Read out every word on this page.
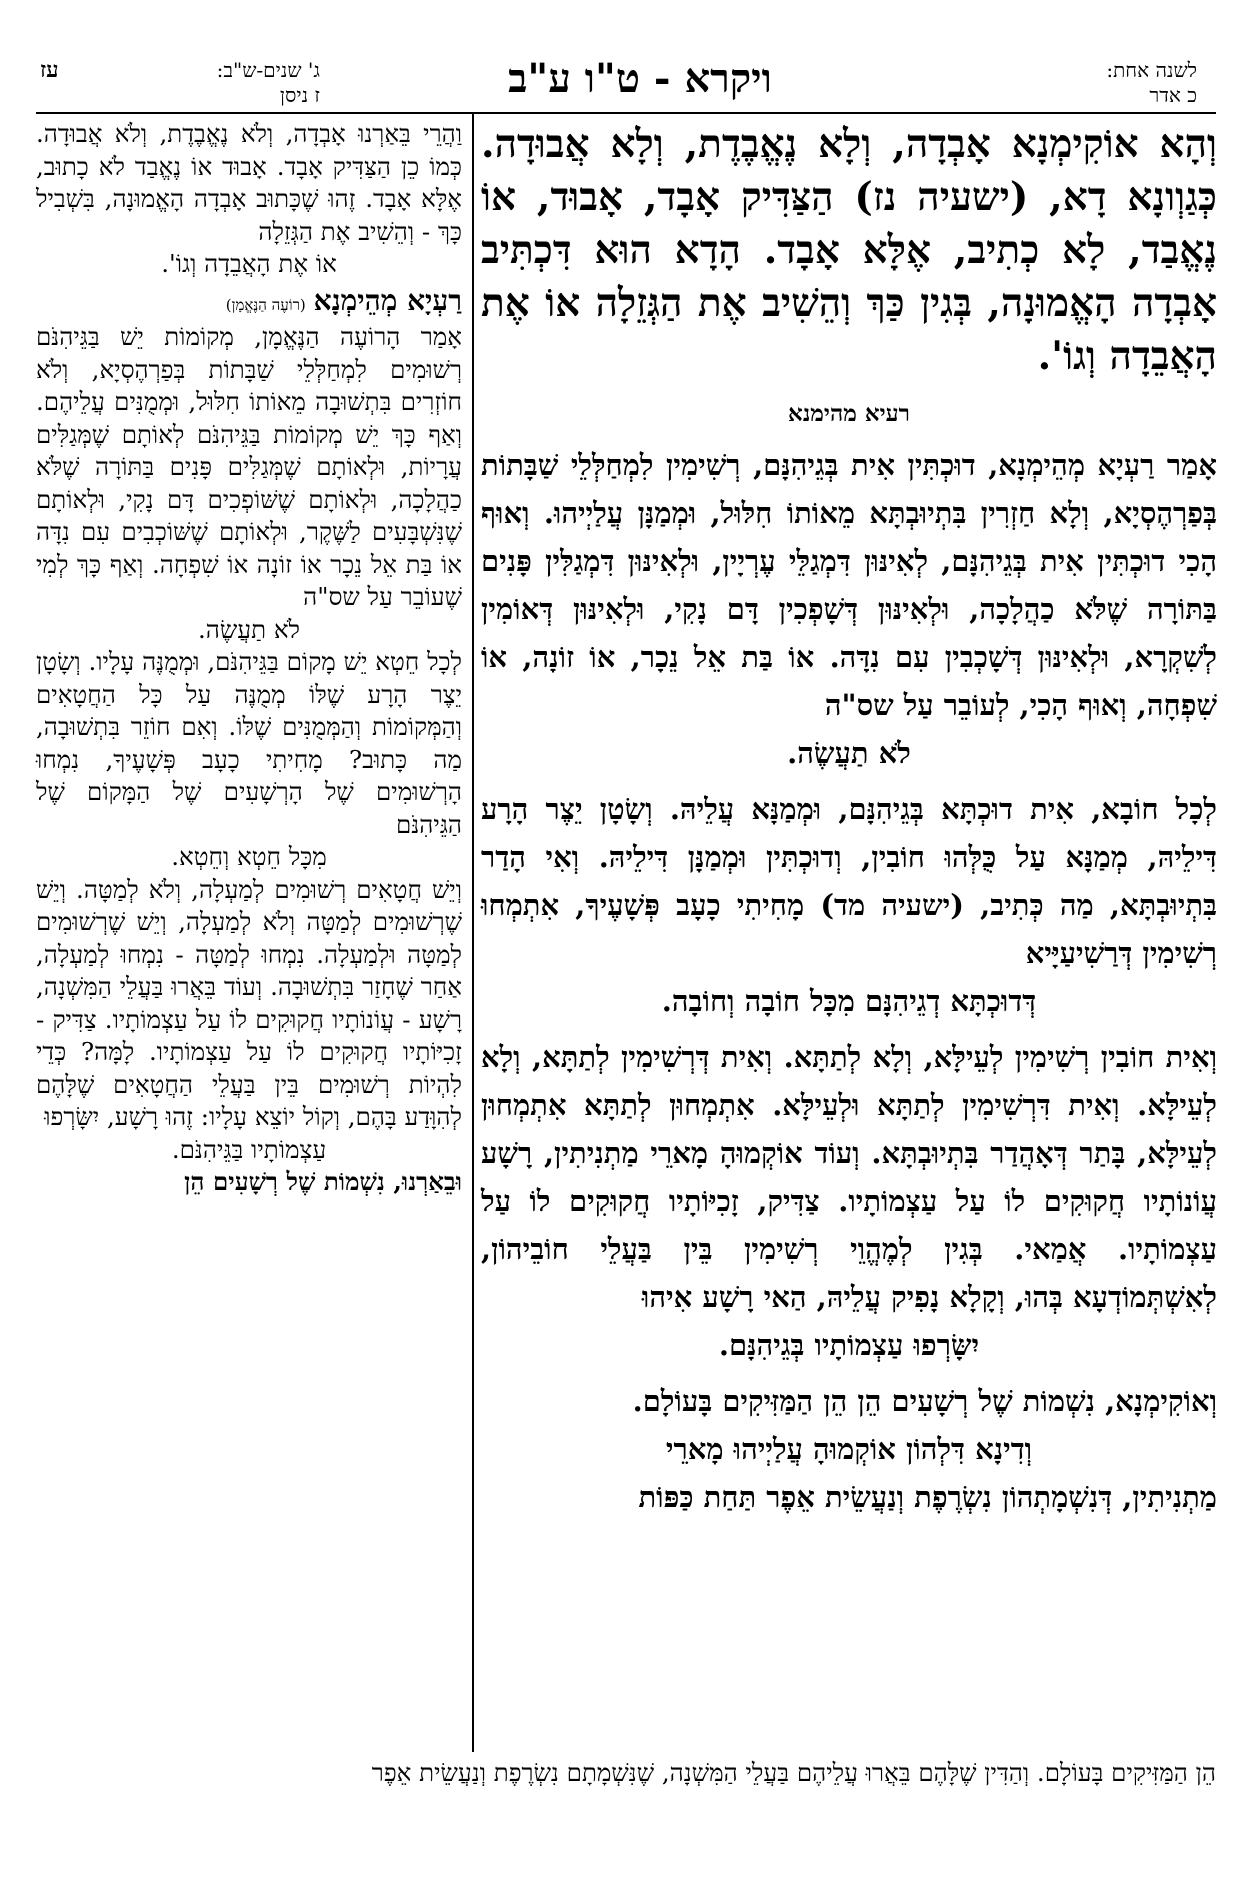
לשנה אחת:
כ אדר
ויקרא - ט"ו ע"ב
ג' שנים-ש"ב:
ז ניסן
עז

וְהָא אוֹקִימְנָא אָבְדָה, וְלָא נֶאֱבֶדֶת, וְלָא אֲבוּדָה. כְּגַוְונָא דָא, (ישעיה נז) הַצַּדִּיק אָבָד, אָבוּד, אוֹ נֶאֱבַד, לָא כְתִיב, אֶלָּא אָבָד. הָדָא הוּא דִּכְתִּיב אָבְדָה הָאֱמוּנָה, בְּגִין כַּךְ וְהֵשִׁיב אֶת הַגְּזֵלָה אוֹ אֶת הָאֲבֵדָה וְגוֹ'.

רעיא מהימנא

אָמַר רַעְיָא מְהֵימְנָא, דוּכְתִּין אִית בְּגֵיהִנָּם, רְשִׁימִין לִמְחַלְּלֵי שַׁבָּתוֹת בְּפַרְהֶסְיָא, וְלָא חַזְרִין בִּתְיוּבְתָּא מֵאוֹתוֹ חִלּוּל, וּמְמַנָּן עֲלַיְיהוּ. וְאוּף הָכִי דוּכְתִּין אִית בְּגֵיהִנָּם, לְאִינּוּן דִּמְגַלֵּי עֶרְיָין, וּלְאִינּוּן דִּמְגַלִּין פָּנִים בַּתּוֹרָה שֶׁלֹּא כַהֲלָכָה, וּלְאִינּוּן דְּשָׁפְכִין דָּם נָקִי, וּלְאִינּוּן דְּאוֹמִין לְשִׁקְרָא, וּלְאִינּוּן דְּשָׁכְבִין עִם נִדָּה. אוֹ בַּת אֵל נֵכָר, אוֹ זוֹנָה, אוֹ שִׁפְחָה, וְאוּף הָכִי, לְעוֹבֵר עַל שס"ה

לֹא תַעֲשֶׂה.

לְכָל חוֹבָא, אִית דוּכְתָּא בְּגֵיהִנָּם, וּמְמַנָּא עֲלֵיהּ. וְשָׂטָן יֵצֶר הָרָע דִּילֵיהּ, מְמַנָּא עַל כֻּלְּהוּ חוֹבִין, וְדוּכְתִּין וּמְמַנָּן דִּילֵיהּ. וְאִי הָדַר בִּתְיוּבְתָּא, מַה כְּתִיב, (ישעיה מד) מָחִיתִי כָעָב פְּשָׁעֶיךָ, אִתְמְחוּ רְשִׁימִין דְּרַשִׁיעַיָּיא

דְּדוּכְתָּא דְגֵיהִנָּם מִכָּל חוֹבָה וְחוֹבָה.

וְאִית חוֹבִין רְשִׁימִין לְעֵילָּא, וְלָא לְתַתָּא. וְאִית דְּרְשִׁימִין לְתַתָּא, וְלָא לְעֵילָּא. וְאִית דִּרְשִׁימִין לְתַתָּא וּלְעֵילָּא. אִתְמְחוּן לְתַתָּא אִתְמְחוּן לְעֵילָּא, בָּתַר דְּאָהֲדַר בִּתְיוּבְתָּא. וְעוֹד אוֹקְמוּהָ מָארֵי מַתְנִיתִין, רָשָׁע עֲוֹנוֹתָיו חֲקוּקִים לוֹ עַל עַצְמוֹתָיו. צַדִּיק, זָכִיּוֹתָיו חֲקוּקִים לוֹ עַל עַצְמוֹתָיו. אֲמַאי. בְּגִין לְמֶהֱוֵי רְשִׁימִין בֵּין בַּעֲלֵי חוֹבֵיהוֹן, לְאִשְׁתְּמוֹדְעָא בְּהוּ, וְקָלָא נָפִיק עֲלֵיהּ, הַאי רָשָׁע אִיהוּ

יִשָּׂרְפוּ עַצְמוֹתָיו בְּגֵיהִנָּם.

וְאוֹקִימְנָא, נִשְׁמוֹת שֶׁל רְשָׁעִים הֵן הֵן הַמַּזִּיקִים בָּעוֹלָם.

וְדִינָא דִּלְהוֹן אוֹקְמוּהָ עֲלַיְיהוּ מָארֵי

מַתְנִיתִין, דְּנִשְׁמָתְהוֹן נִשְׂרֶפֶת וְנַעֲשֵׂית אֵפֶר תַּחַת כַּפּוֹת

וַהֲרֵי בֵּאַרְנוּ אָבְדָה, וְלֹא נֶאֱבֶדֶת, וְלֹא אֲבוּדָה. כְּמוֹ כֵן הַצַּדִּיק אָבָד. אָבוּד אוֹ נֶאֱבַד לֹא כָתוּב, אֶלָּא אָבָד. זֶהוּ שֶׁכָּתוּב אָבְדָה הָאֱמוּנָה, בִּשְׁבִיל כָּךְ - וְהֵשִׁיב אֶת הַגְּזֵלָה

אוֹ אֶת הָאֲבֵדָה וְגוֹ'.

רַעְיָא מְהֵימְנָא (רוֹעֶה הַנֶּאֱמָן)

אָמַר הָרוֹעֶה הַנֶּאֱמָן, מְקוֹמוֹת יֵשׁ בַּגֵּיהִנֹּם רְשׁוּמִים לִמְחַלְּלֵי שַׁבָּתוֹת בְּפַרְהֶסְיָא, וְלֹא חוֹזְרִים בִּתְשׁוּבָה מֵאוֹתוֹ חִלּוּל, וּמְמֻנִּים עֲלֵיהֶם. וְאַף כָּךְ יֵשׁ מְקוֹמוֹת בַּגֵּיהִנֹּם לְאוֹתָם שֶׁמְּגַלִּים עֲרָיוֹת, וּלְאוֹתָם שֶׁמְּגַלִּים פָּנִים בַּתּוֹרָה שֶׁלֹּא כַהֲלָכָה, וּלְאוֹתָם שֶׁשּׁוֹפְכִים דָּם נָקִי, וּלְאוֹתָם שֶׁנִּשְׁבָּעִים לַשֶּׁקֶר, וּלְאוֹתָם שֶׁשּׁוֹכְבִים עִם נִדָּה אוֹ בַּת אֵל נֵכָר אוֹ זוֹנָה אוֹ שִׁפְחָה. וְאַף כָּךְ לְמִי שֶׁעוֹבֵר עַל שס"ה

לֹא תַעֲשֶׂה.

לְכָל חֵטְא יֵשׁ מָקוֹם בַּגֵּיהִנֹּם, וּמְמֻנֶּה עָלָיו. וְשָׂטָן יֵצֶר הָרָע שֶׁלּוֹ מְמֻנֶּה עַל כָּל הַחֲטָאִים וְהַמְּקוֹמוֹת וְהַמְּמֻנִּים שֶׁלּוֹ. וְאִם חוֹזֵר בִּתְשׁוּבָה, מַה כָּתוּב? מָחִיתִי כָעָב פְּשָׁעֶיךָ, נִמְחוּ הָרְשׁוּמִים שֶׁל הָרְשָׁעִים שֶׁל הַמָּקוֹם שֶׁל הַגֵּיהִנֹּם

מִכָּל חֵטְא וְחֵטְא.

וְיֵשׁ חֲטָאִים רְשׁוּמִים לְמַעְלָה, וְלֹא לְמַטָּה. וְיֵשׁ שֶׁרְשׁוּמִים לְמַטָּה וְלֹא לְמַעְלָה, וְיֵשׁ שֶׁרְשׁוּמִים לְמַטָּה וּלְמַעְלָה. נִמְחוּ לְמַטָּה - נִמְחוּ לְמַעְלָה, אַחַר שֶׁחָזַר בִּתְשׁוּבָה. וְעוֹד בֵּאֲרוּ בַּעֲלֵי הַמִּשְׁנָה, רָשָׁע - עֲוֹנוֹתָיו חֲקוּקִים לוֹ עַל עַצְמוֹתָיו. צַדִּיק - זָכִיּוֹתָיו חֲקוּקִים לוֹ עַל עַצְמוֹתָיו. לָמָּה? כְּדֵי לִהְיוֹת רְשׁוּמִים בֵּין בַּעֲלֵי הַחֲטָאִים שֶׁלָּהֶם לְהִוָּדַע בָּהֶם, וְקוֹל יוֹצֵא עָלָיו: זֶהוּ רָשָׁע, יִשָּׂרְפוּ

עַצְמוֹתָיו בַּגֵּיהִנֹּם.

וּבֵאַרְנוּ, נִשְׁמוֹת שֶׁל רְשָׁעִים הֵן

הֵן הַמַּזִּיקִים בָּעוֹלָם. וְהַדִּין שֶׁלָּהֶם בֵּאֲרוּ עֲלֵיהֶם בַּעֲלֵי הַמִּשְׁנָה, שֶׁנִּשְׁמָתָם נִשְׂרֶפֶת וְנַעֲשֵׂית אֵפֶר
